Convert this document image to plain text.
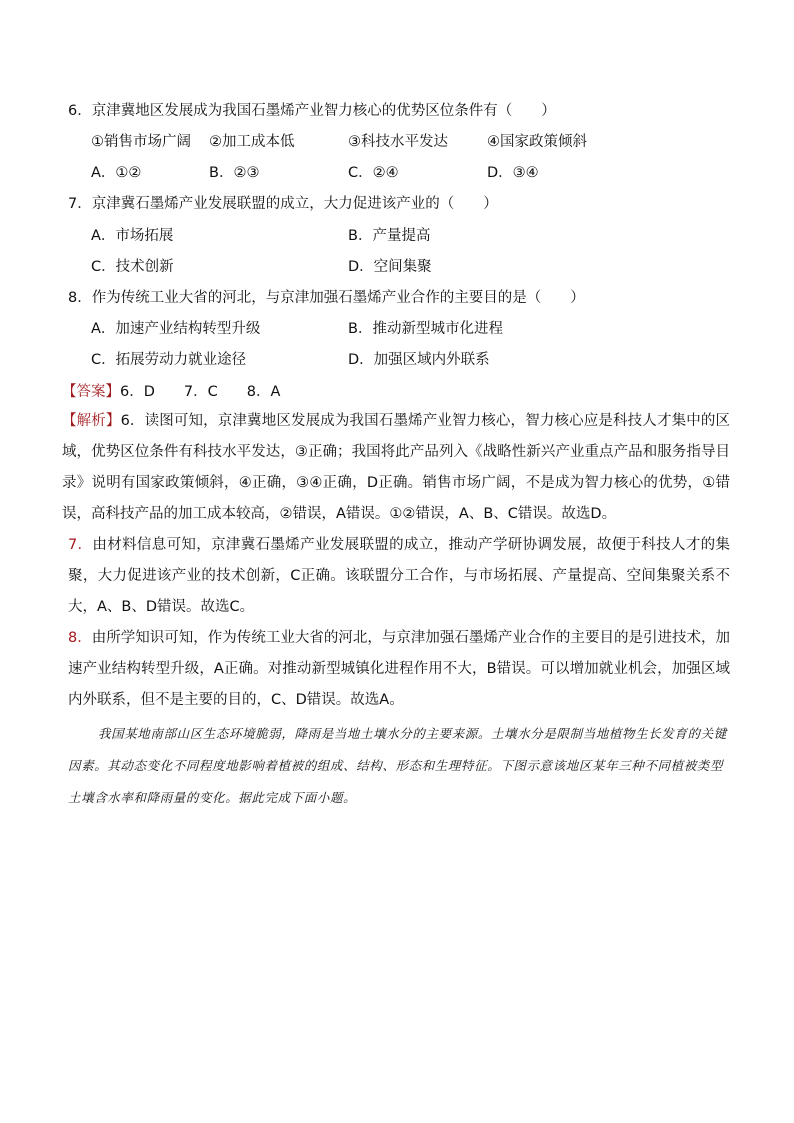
6．京津冀地区发展成为我国石墨烯产业智力核心的优势区位条件有（　　）
①销售市场广阔 ②加工成本低	③科技水平发达	④国家政策倾斜
A．①②	B．②③	C．②④	D．③④
7．京津冀石墨烯产业发展联盟的成立，大力促进该产业的（　　）
A．市场拓展	B．产量提高
C．技术创新	D．空间集聚
8．作为传统工业大省的河北，与京津加强石墨烯产业合作的主要目的是（　　）
A．加速产业结构转型升级	B．推动新型城市化进程
C．拓展劳动力就业途径	D．加强区域内外联系
【答案】6．D　　7．C　　8．A
【解析】6．读图可知，京津冀地区发展成为我国石墨烯产业智力核心，智力核心应是科技人才集中的区域，优势区位条件有科技水平发达，③正确；我国将此产品列入《战略性新兴产业重点产品和服务指导目录》说明有国家政策倾斜，④正确，③④正确，D正确。销售市场广阔，不是成为智力核心的优势，①错误，高科技产品的加工成本较高，②错误，A错误。①②错误，A、B、C错误。故选D。
7．由材料信息可知，京津冀石墨烯产业发展联盟的成立，推动产学研协调发展，故便于科技人才的集聚，大力促进该产业的技术创新，C正确。该联盟分工合作，与市场拓展、产量提高、空间集聚关系不大，A、B、D错误。故选C。
8．由所学知识可知，作为传统工业大省的河北，与京津加强石墨烯产业合作的主要目的是引进技术，加速产业结构转型升级，A正确。对推动新型城镇化进程作用不大，B错误。可以增加就业机会，加强区域内外联系，但不是主要的目的，C、D错误。故选A。
我国某地南部山区生态环境脆弱，降雨是当地土壤水分的主要来源。土壤水分是限制当地植物生长发育的关键因素。其动态变化不同程度地影响着植被的组成、结构、形态和生理特征。下图示意该地区某年三种不同植被类型土壤含水率和降雨量的变化。据此完成下面小题。
